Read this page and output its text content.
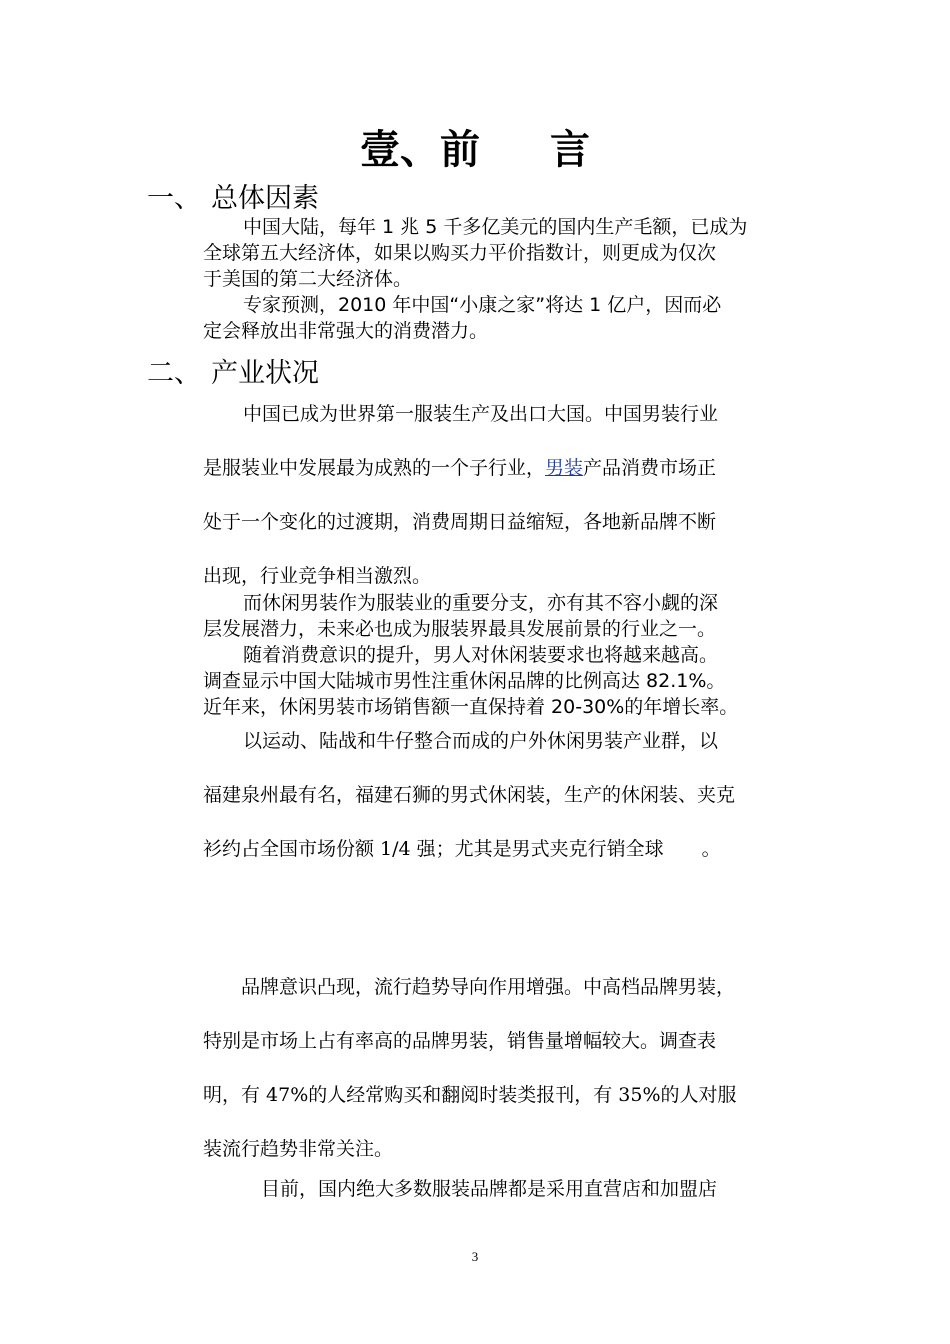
壹、前 言
一、 总体因素
中国大陆，每年 1 兆 5 千多亿美元的国内生产毛额，已成为
全球第五大经济体，如果以购买力平价指数计，则更成为仅次
于美国的第二大经济体。
专家预测，2010 年中国“小康之家”将达 1 亿户，因而必
定会释放出非常强大的消费潜力。
二、 产业状况
中国已成为世界第一服装生产及出口大国。中国男装行业
是服装业中发展最为成熟的一个子行业，男装产品消费市场正
处于一个变化的过渡期，消费周期日益缩短，各地新品牌不断
出现，行业竞争相当激烈。
而休闲男装作为服装业的重要分支，亦有其不容小觑的深
层发展潜力，未来必也成为服装界最具发展前景的行业之一。
随着消费意识的提升，男人对休闲装要求也将越来越高。
调查显示中国大陆城市男性注重休闲品牌的比例高达 82.1%。
近年来，休闲男装市场销售额一直保持着 20-30%的年增长率。
以运动、陆战和牛仔整合而成的户外休闲男装产业群，以
福建泉州最有名，福建石狮的男式休闲装，生产的休闲装、夹克
衫约占全国市场份额 1/4 强；尤其是男式夹克行销全球　　。
品牌意识凸现，流行趋势导向作用增强。中高档品牌男装，
特别是市场上占有率高的品牌男装，销售量增幅较大。调查表
明，有 47%的人经常购买和翻阅时装类报刊，有 35%的人对服
装流行趋势非常关注。
目前，国内绝大多数服装品牌都是采用直营店和加盟店
3
